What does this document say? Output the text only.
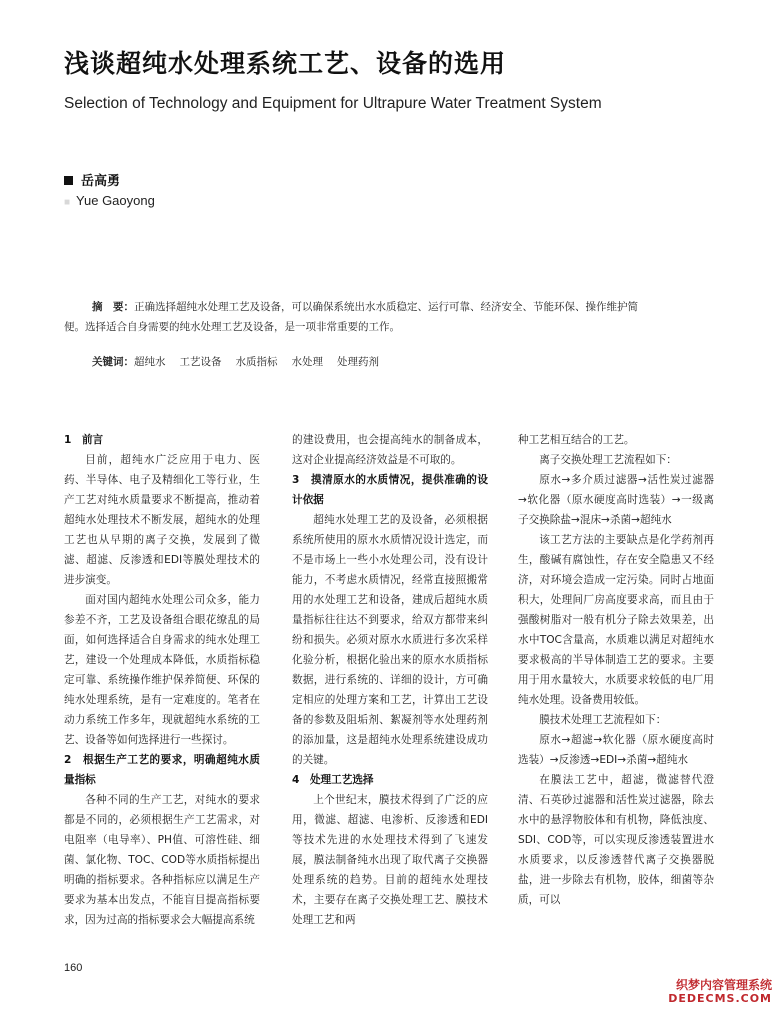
浅谈超纯水处理系统工艺、设备的选用
Selection of Technology and Equipment for Ultrapure Water Treatment System
岳高勇
■ Yue Gaoyong
摘　要：正确选择超纯水处理工艺及设备，可以确保系统出水水质稳定、运行可靠、经济安全、节能环保、操作维护简
便。选择适合自身需要的纯水处理工艺及设备，是一项非常重要的工作。
关键词：超纯水 工艺设备 水质指标 水处理 处理药剂

1　前言

目前，超纯水广泛应用于电力、医药、半导体、电子及精细化工等行业，生产工艺对纯水质量要求不断提高，推动着超纯水处理技术不断发展，超纯水的处理工艺也从早期的离子交换，发展到了微滤、超滤、反渗透和EDI等膜处理技术的进步演变。

面对国内超纯水处理公司众多，能力参差不齐，工艺及设备组合眼花缭乱的局面，如何选择适合自身需求的纯水处理工艺，建设一个处理成本降低，水质指标稳定可靠、系统操作维护保养简便、环保的纯水处理系统，是有一定难度的。笔者在动力系统工作多年，现就超纯水系统的工艺、设备等如何选择进行一些探讨。

2　根据生产工艺的要求，明确超纯水质量指标

各种不同的生产工艺，对纯水的要求都是不同的，必须根据生产工艺需求，对电阻率（电导率）、PH值、可溶性硅、细菌、氯化物、TOC、COD等水质指标提出明确的指标要求。各种指标应以满足生产要求为基本出发点，不能盲目提高指标要求，因为过高的指标要求会大幅提高系统

的建设费用，也会提高纯水的制备成本，这对企业提高经济效益是不可取的。

3　摸清原水的水质情况，提供准确的设计依据

超纯水处理工艺的及设备，必须根据系统所使用的原水水质情况设计选定，而不是市场上一些小水处理公司，没有设计能力，不考虑水质情况，经常直接照搬常用的水处理工艺和设备，建成后超纯水质量指标往往达不到要求，给双方都带来纠纷和损失。必须对原水水质进行多次采样化验分析，根据化验出来的原水水质指标数据，进行系统的、详细的设计，方可确定相应的处理方案和工艺，计算出工艺设备的参数及阻垢剂、絮凝剂等水处理药剂的添加量，这是超纯水处理系统建设成功的关键。

4　处理工艺选择

上个世纪末，膜技术得到了广泛的应用，微滤、超滤、电渗析、反渗透和EDI等技术先进的水处理技术得到了飞速发展，膜法制备纯水出现了取代离子交换器处理系统的趋势。目前的超纯水处理技术，主要存在离子交换处理工艺、膜技术处理工艺和两

种工艺相互结合的工艺。

离子交换处理工艺流程如下：

原水→多介质过滤器→活性炭过滤器→软化器（原水硬度高时选装）→一级离子交换除盐→混床→杀菌→超纯水

该工艺方法的主要缺点是化学药剂再生，酸碱有腐蚀性，存在安全隐患又不经济，对环境会造成一定污染。同时占地面积大，处理间厂房高度要求高，而且由于强酸树脂对一般有机分子除去效果差，出水中TOC含量高，水质难以满足对超纯水要求极高的半导体制造工艺的要求。主要用于用水量较大，水质要求较低的电厂用纯水处理。设备费用较低。

膜技术处理工艺流程如下：

原水→超滤→软化器（原水硬度高时选装）→反渗透→EDI→杀菌→超纯水

在膜法工艺中，超滤，微滤替代澄清、石英砂过滤器和活性炭过滤器，除去水中的悬浮物胶体和有机物，降低浊度、SDI、COD等，可以实现反渗透装置进水水质要求，以反渗透替代离子交换器脱盐，进一步除去有机物，胶体，细菌等杂质，可以

160
织梦内容管理系统
DEDECMS.COM
